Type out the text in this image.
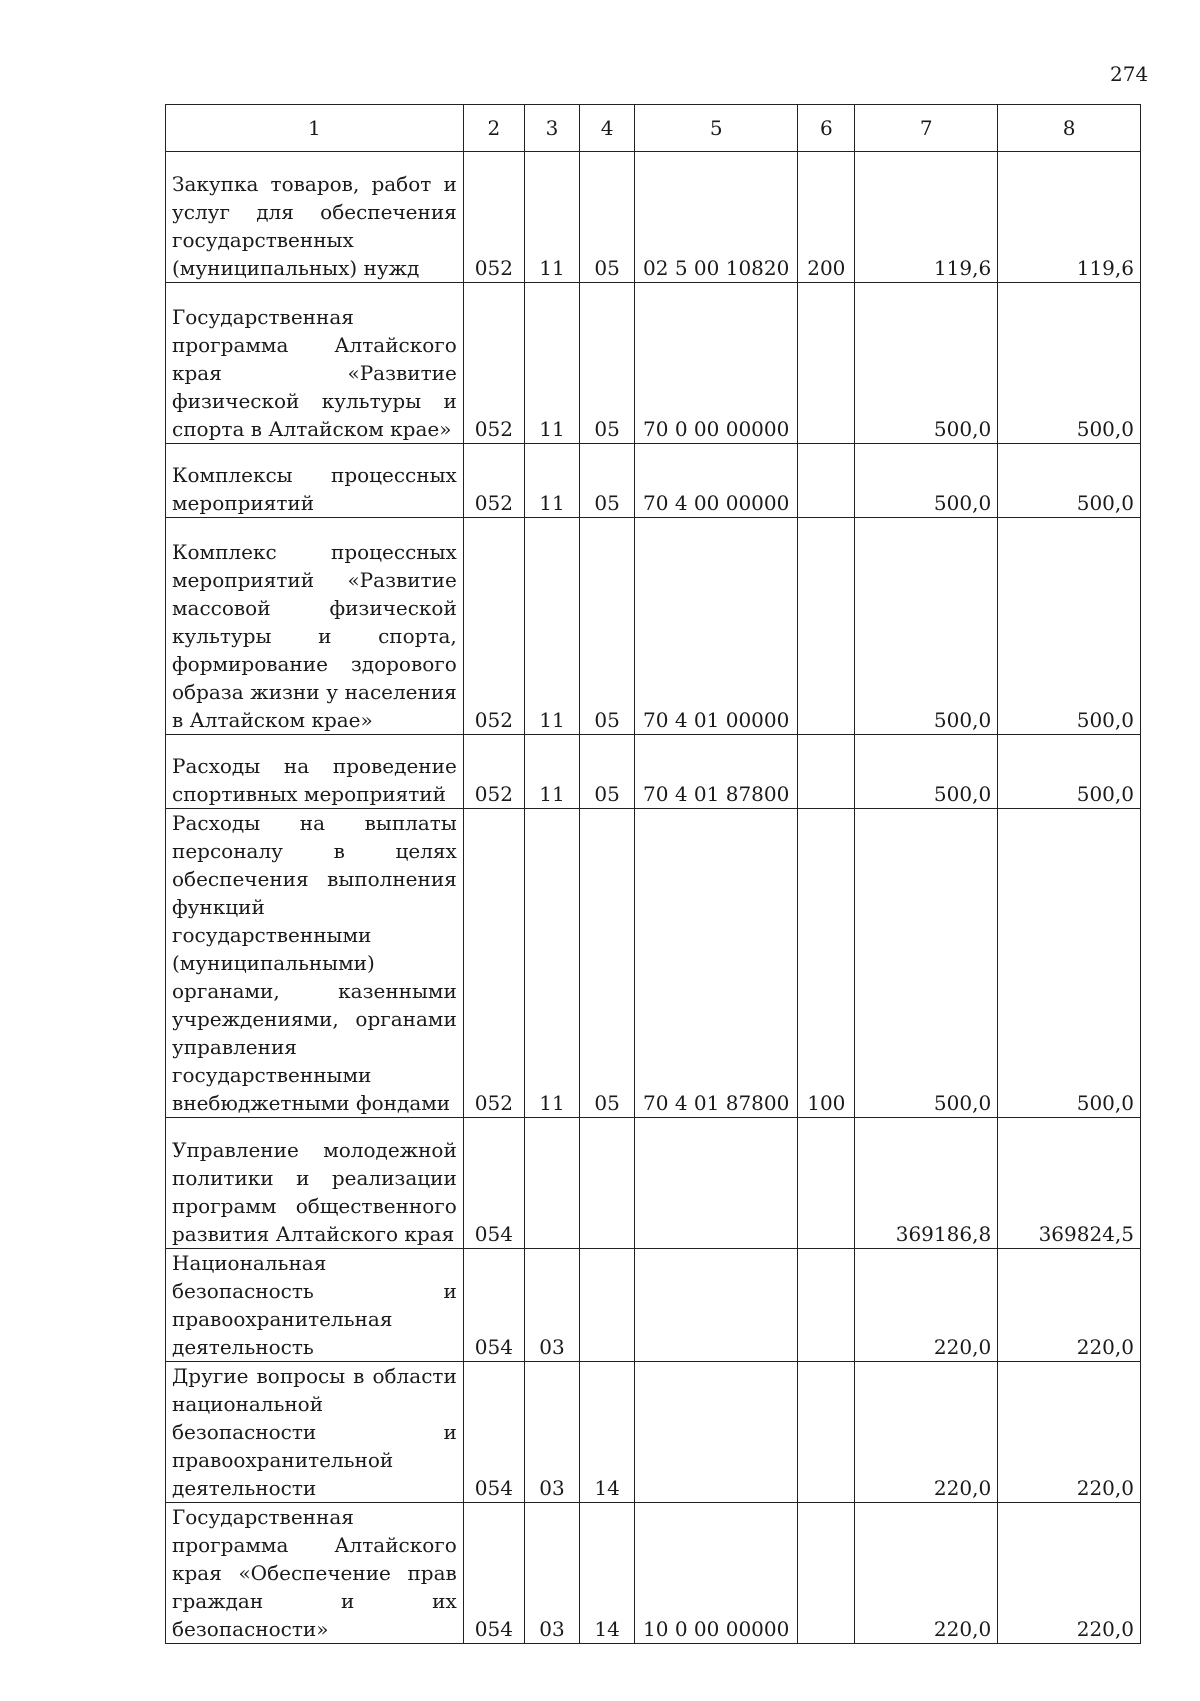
274
1	2	3	4	5	6	7	8
Закупка товаров, работ и услуг для обеспечения государственных (муниципальных) нужд	052	11	05	02 5 00 10820	200	119,6	119,6
Государственная программа Алтайского края «Развитие физической культуры и спорта в Алтайском крае»	052	11	05	70 0 00 00000		500,0	500,0
Комплексы процессных мероприятий	052	11	05	70 4 00 00000		500,0	500,0
Комплекс процессных мероприятий «Развитие массовой физической культуры и спорта, формирование здорового образа жизни у населения в Алтайском крае»	052	11	05	70 4 01 00000		500,0	500,0
Расходы на проведение спортивных мероприятий	052	11	05	70 4 01 87800		500,0	500,0
Расходы на выплаты персоналу в целях обеспечения выполнения функций государственными (муниципальными) органами, казенными учреждениями, органами управления государственными внебюджетными фондами	052	11	05	70 4 01 87800	100	500,0	500,0
Управление молодежной политики и реализации программ общественного развития Алтайского края	054					369186,8	369824,5
Национальная безопасность и правоохранительная деятельность	054	03				220,0	220,0
Другие вопросы в области национальной безопасности и правоохранительной деятельности	054	03	14			220,0	220,0
Государственная программа Алтайского края «Обеспечение прав граждан и их безопасности»	054	03	14	10 0 00 00000		220,0	220,0
